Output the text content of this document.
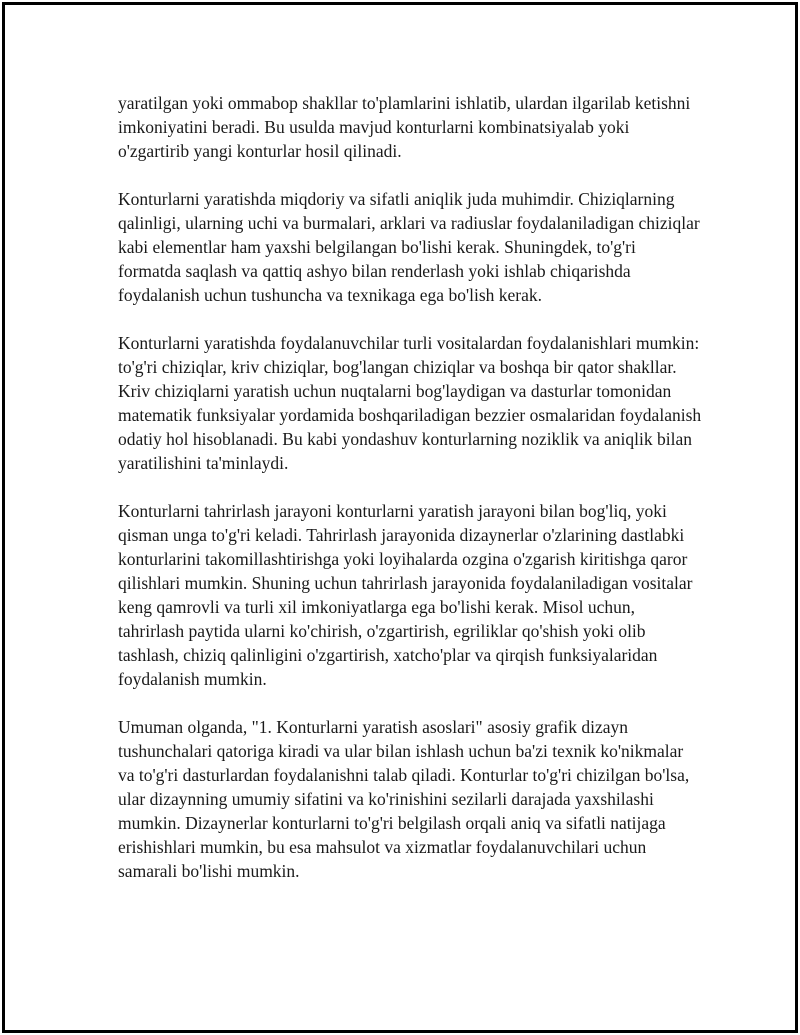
yaratilgan yoki ommabop shakllar to'plamlarini ishlatib, ulardan ilgarilab ketishni imkoniyatini beradi. Bu usulda mavjud konturlarni kombinatsiyalab yoki o'zgartirib yangi konturlar hosil qilinadi.

Konturlarni yaratishda miqdoriy va sifatli aniqlik juda muhimdir. Chiziqlarning qalinligi, ularning uchi va burmalari, arklari va radiuslar foydalaniladigan chiziqlar kabi elementlar ham yaxshi belgilangan bo'lishi kerak. Shuningdek, to'g'ri formatda saqlash va qattiq ashyo bilan renderlash yoki ishlab chiqarishda foydalanish uchun tushuncha va texnikaga ega bo'lish kerak.

Konturlarni yaratishda foydalanuvchilar turli vositalardan foydalanishlari mumkin: to'g'ri chiziqlar, kriv chiziqlar, bog'langan chiziqlar va boshqa bir qator shakllar. Kriv chiziqlarni yaratish uchun nuqtalarni bog'laydigan va dasturlar tomonidan matematik funksiyalar yordamida boshqariladigan bezzier osmalaridan foydalanish odatiy hol hisoblanadi. Bu kabi yondashuv konturlarning noziklik va aniqlik bilan yaratilishini ta'minlaydi.

Konturlarni tahrirlash jarayoni konturlarni yaratish jarayoni bilan bog'liq, yoki qisman unga to'g'ri keladi. Tahrirlash jarayonida dizaynerlar o'zlarining dastlabki konturlarini takomillashtirishga yoki loyihalarda ozgina o'zgarish kiritishga qaror qilishlari mumkin. Shuning uchun tahrirlash jarayonida foydalaniladigan vositalar keng qamrovli va turli xil imkoniyatlarga ega bo'lishi kerak. Misol uchun, tahrirlash paytida ularni ko'chirish, o'zgartirish, egriliklar qo'shish yoki olib tashlash, chiziq qalinligini o'zgartirish, xatcho'plar va qirqish funksiyalaridan foydalanish mumkin.

Umuman olganda, "1. Konturlarni yaratish asoslari" asosiy grafik dizayn tushunchalari qatoriga kiradi va ular bilan ishlash uchun ba'zi texnik ko'nikmalar va to'g'ri dasturlardan foydalanishni talab qiladi. Konturlar to'g'ri chizilgan bo'lsa, ular dizaynning umumiy sifatini va ko'rinishini sezilarli darajada yaxshilashi mumkin. Dizaynerlar konturlarni to'g'ri belgilash orqali aniq va sifatli natijaga erishishlari mumkin, bu esa mahsulot va xizmatlar foydalanuvchilari uchun samarali bo'lishi mumkin.
